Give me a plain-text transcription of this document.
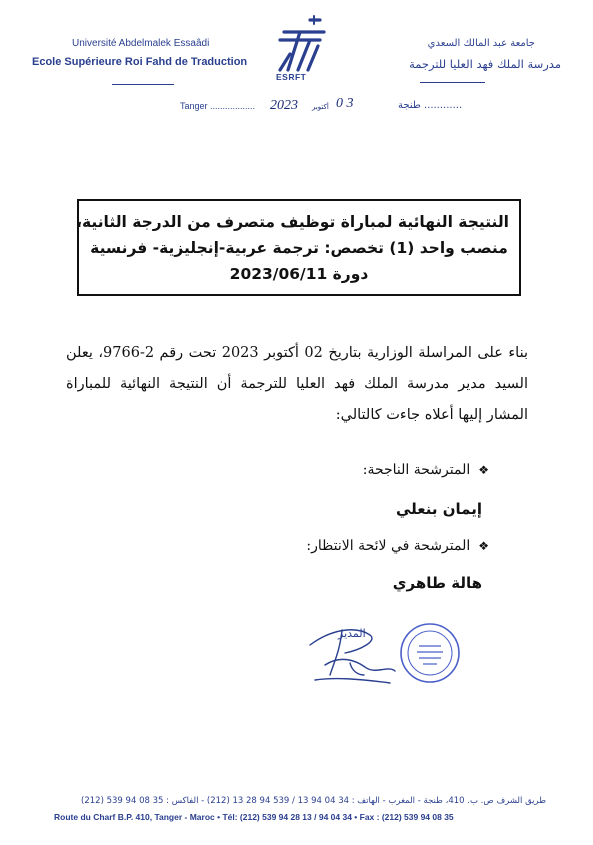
Université Abdelmalek Essaâdi
Ecole Supérieure Roi Fahd de Traduction
جامعة عبد المالك السعدي
مدرسة الملك فهد العليا للترجمة
ESRFT
Tanger .................. 2023 أكتوبر 0 3	............ طنجة
النتيجة النهائية لمباراة توظيف متصرف من الدرجة الثانية،
منصب واحد (1) تخصص: ترجمة عربية-إنجليزية- فرنسية
دورة 2023/06/11
بناء على المراسلة الوزارية بتاريخ 02 أكتوبر 2023 تحت رقم 2-9766، يعلن السيد مدير مدرسة الملك فهد العليا للترجمة أن النتيجة النهائية للمباراة المشار إليها أعلاه جاءت كالتالي:
❖المترشحة الناجحة:
إيمان بنعلي
❖المترشحة في لائحة الانتظار:
هالة طاهري
المدير
طريق الشرف ص. ب. 410، طنجة - المغرب - الهاتف : 34 04 94 13 / 539 94 28 13 (212) - الفاكس : 35 08 94 539 (212)
Route du Charf B.P. 410, Tanger - Maroc • Tél: (212) 539 94 28 13 / 94 04 34 • Fax : (212) 539 94 08 35
